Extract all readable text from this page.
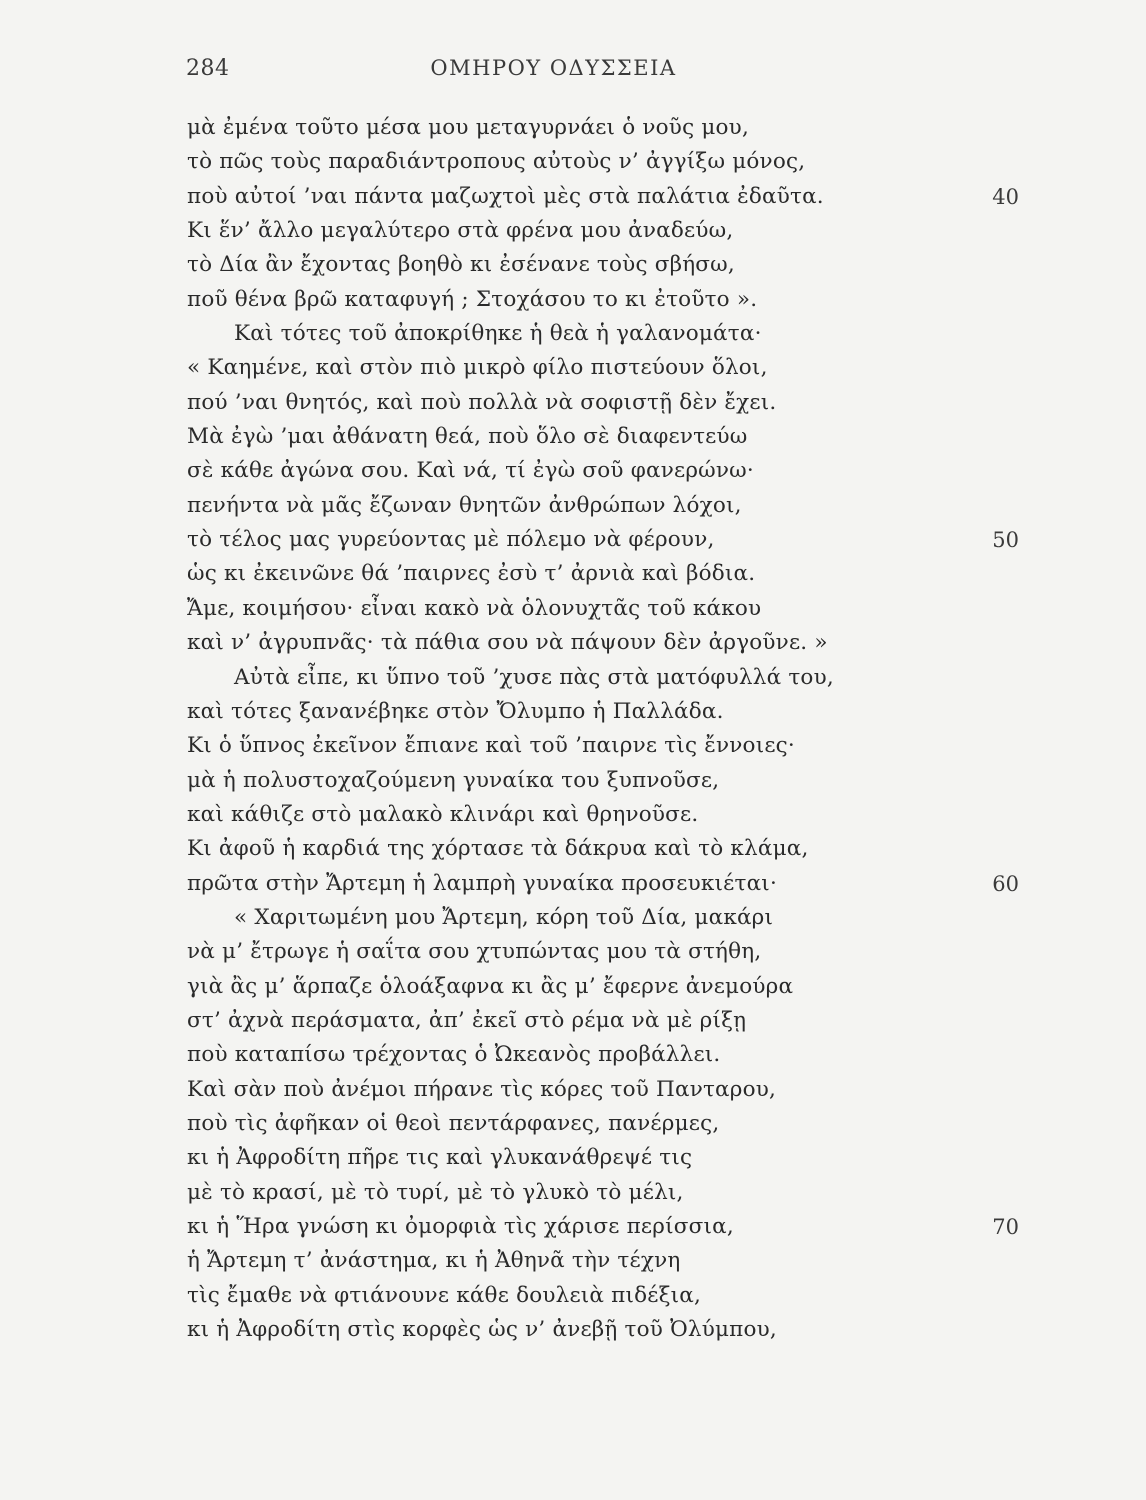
284	ΟΜΗΡΟΥ ΟΔΥΣΣΕΙΑ
μὰ ἐμένα τοῦτο μέσα μου μεταγυρνάει ὁ νοῦς μου,
τὸ πῶς τοὺς παραδιάντροπους αὐτοὺς ν’ ἀγγίξω μόνος,
ποὺ αὐτοί ’ναι πάντα μαζωχτοὶ μὲς στὰ παλάτια ἐδαῦτα.	40
Κι ἕν’ ἄλλο μεγαλύτερο στὰ φρένα μου ἀναδεύω,
τὸ Δία ἂν ἔχοντας βοηθὸ κι ἐσένανε τοὺς σβήσω,
ποῦ θένα βρῶ καταφυγή ; Στοχάσου το κι ἐτοῦτο ».
Καὶ τότες τοῦ ἀποκρίθηκε ἡ θεὰ ἡ γαλανομάτα·
« Καημένε, καὶ στὸν πιὸ μικρὸ φίλο πιστεύουν ὅλοι,
πού ’ναι θνητός, καὶ ποὺ πολλὰ νὰ σοφιστῇ δὲν ἔχει.
Μὰ ἐγὼ ’μαι ἀθάνατη θεά, ποὺ ὅλο σὲ διαφεντεύω
σὲ κάθε ἀγώνα σου. Καὶ νά, τί ἐγὼ σοῦ φανερώνω·
πενήντα νὰ μᾶς ἔζωναν θνητῶν ἀνθρώπων λόχοι,
τὸ τέλος μας γυρεύοντας μὲ πόλεμο νὰ φέρουν,	50
ὡς κι ἐκεινῶνε θά ’παιρνες ἐσὺ τ’ ἀρνιὰ καὶ βόδια.
Ἄμε, κοιμήσου· εἶναι κακὸ νὰ ὁλονυχτᾶς τοῦ κάκου
καὶ ν’ ἀγρυπνᾶς· τὰ πάθια σου νὰ πάψουν δὲν ἀργοῦνε. »
Αὐτὰ εἶπε, κι ὕπνο τοῦ ’χυσε πὰς στὰ ματόφυλλά του,
καὶ τότες ξανανέβηκε στὸν Ὄλυμπο ἡ Παλλάδα.
Κι ὁ ὕπνος ἐκεῖνον ἔπιανε καὶ τοῦ ’παιρνε τὶς ἔννοιες·
μὰ ἡ πολυστοχαζούμενη γυναίκα του ξυπνοῦσε,
καὶ κάθιζε στὸ μαλακὸ κλινάρι καὶ θρηνοῦσε.
Κι ἀφοῦ ἡ καρδιά της χόρτασε τὰ δάκρυα καὶ τὸ κλάμα,
πρῶτα στὴν Ἄρτεμη ἡ λαμπρὴ γυναίκα προσευκιέται·	60
« Χαριτωμένη μου Ἄρτεμη, κόρη τοῦ Δία, μακάρι
νὰ μ’ ἔτρωγε ἡ σαΐτα σου χτυπώντας μου τὰ στήθη,
γιὰ ἂς μ’ ἅρπαζε ὁλοάξαφνα κι ἂς μ’ ἔφερνε ἀνεμούρα
στ’ ἀχνὰ περάσματα, ἀπ’ ἐκεῖ στὸ ρέμα νὰ μὲ ρίξῃ
ποὺ καταπίσω τρέχοντας ὁ Ὠκεανὸς προβάλλει.
Καὶ σὰν ποὺ ἀνέμοι πήρανε τὶς κόρες τοῦ Πανταρου,
ποὺ τὶς ἀφῆκαν οἱ θεοὶ πεντάρφανες, πανέρμες,
κι ἡ Ἀφροδίτη πῆρε τις καὶ γλυκανάθρεψέ τις
μὲ τὸ κρασί, μὲ τὸ τυρί, μὲ τὸ γλυκὸ τὸ μέλι,
κι ἡ Ἥρα γνώση κι ὀμορφιὰ τὶς χάρισε περίσσια,	70
ἡ Ἄρτεμη τ’ ἀνάστημα, κι ἡ Ἀθηνᾶ τὴν τέχνη
τὶς ἔμαθε νὰ φτιάνουνε κάθε δουλειὰ πιδέξια,
κι ἡ Ἀφροδίτη στὶς κορφὲς ὡς ν’ ἀνεβῇ τοῦ Ὀλύμπου,
